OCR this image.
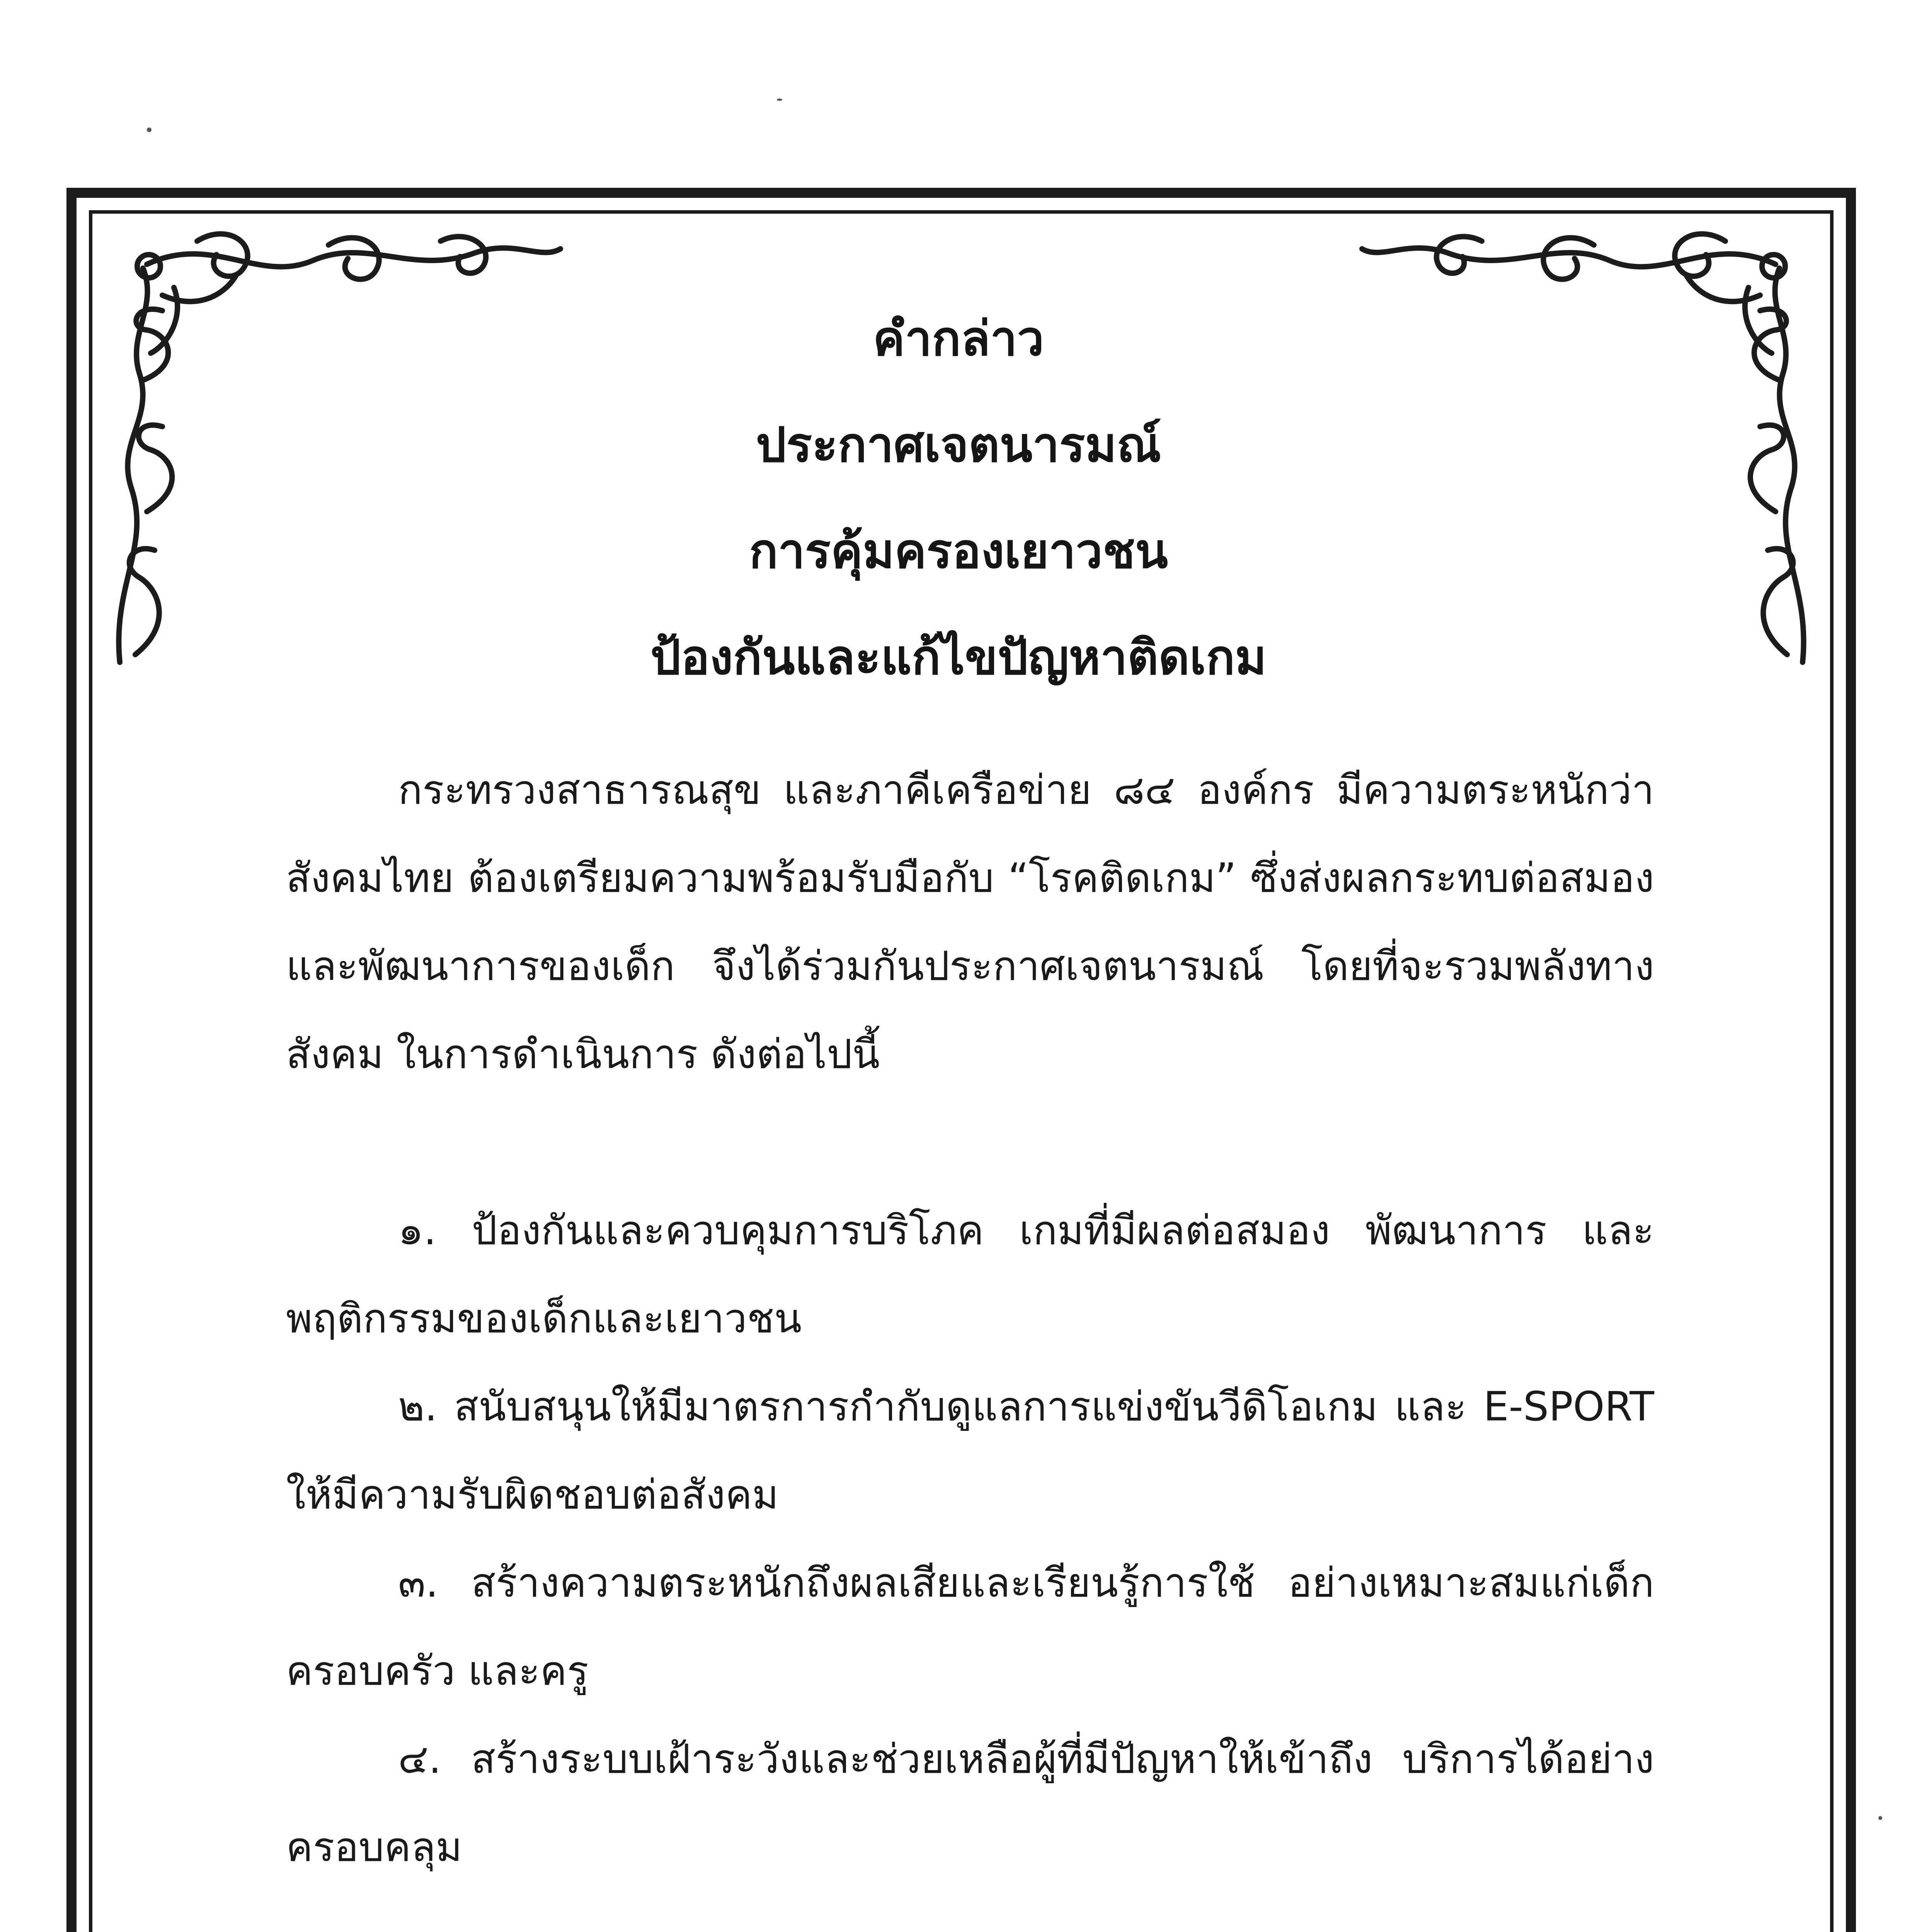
คำกล่าว
ประกาศเจตนารมณ์
การคุ้มครองเยาวชน
ป้องกันและแก้ไขปัญหาติดเกม

กระทรวงสาธารณสุข และภาคีเครือข่าย ๘๔ องค์กร มีความตระหนักว่าสังคมไทย ต้องเตรียมความพร้อมรับมือกับ “โรคติดเกม” ซึ่งส่งผลกระทบต่อสมองและพัฒนาการของเด็ก จึงได้ร่วมกันประกาศเจตนารมณ์ โดยที่จะรวมพลังทางสังคม ในการดำเนินการ ดังต่อไปนี้

๑. ป้องกันและควบคุมการบริโภค เกมที่มีผลต่อสมอง พัฒนาการ และพฤติกรรมของเด็กและเยาวชน

๒. สนับสนุนให้มีมาตรการกำกับดูแลการแข่งขันวีดิโอเกม และ E-SPORT ให้มีความรับผิดชอบต่อสังคม

๓. สร้างความตระหนักถึงผลเสียและเรียนรู้การใช้ อย่างเหมาะสมแก่เด็กครอบครัว และครู

๔. สร้างระบบเฝ้าระวังและช่วยเหลือผู้ที่มีปัญหาให้เข้าถึง บริการได้อย่างครอบคลุม
